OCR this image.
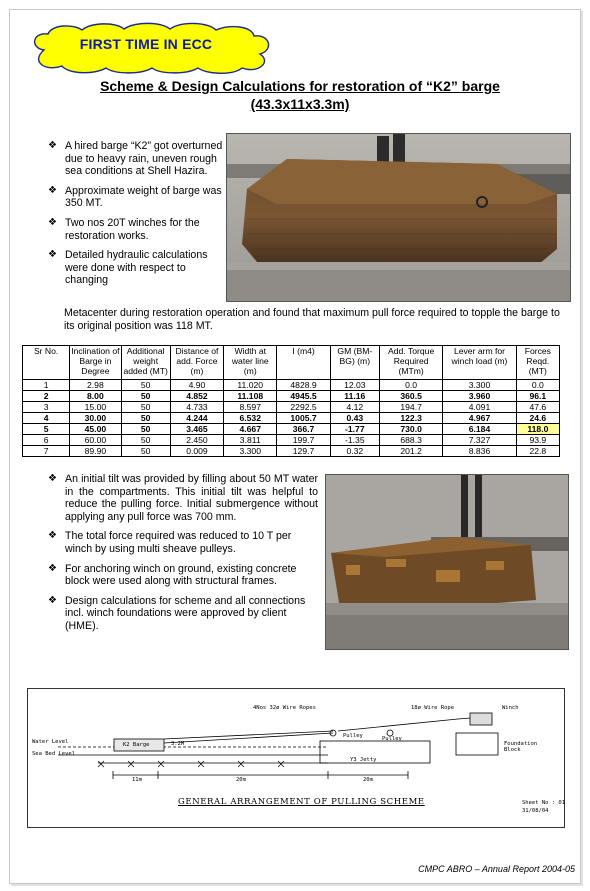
FIRST TIME IN ECC
Scheme & Design Calculations for restoration of “K2” barge
(43.3x11x3.3m)
❖ A hired barge “K2” got overturned due to heavy rain, uneven rough sea conditions at Shell Hazira.
❖ Approximate weight of barge was 350 MT.
❖ Two nos 20T winches for the restoration works.
❖ Detailed hydraulic calculations were done with respect to changing
Metacenter during restoration operation and found that maximum pull force required to topple the barge to its original position was 118 MT.
Sr No.	Inclination of Barge in Degree	Additional weight added (MT)	Distance of add. Force (m)	Width at water line (m)	I (m4)	GM (BM-BG) (m)	Add. Torque Required (MTm)	Lever arm for winch load (m)	Forces Reqd. (MT)
1	2.98	50	4.90	11.020	4828.9	12.03	0.0	3.300	0.0
2	8.00	50	4.852	11.108	4945.5	11.16	360.5	3.960	96.1
3	15.00	50	4.733	8.597	2292.5	4.12	194.7	4.091	47.6
4	30.00	50	4.244	6.532	1005.7	0.43	122.3	4.967	24.6
5	45.00	50	3.465	4.667	366.7	-1.77	730.0	6.184	118.0
6	60.00	50	2.450	3.811	199.7	-1.35	688.3	7.327	93.9
7	89.90	50	0.009	3.300	129.7	0.32	201.2	8.836	22.8
❖ An initial tilt was provided by filling about 50 MT water in the compartments. This initial tilt was helpful to reduce the pulling force. Initial submergence without applying any pull force was 700 mm.
❖ The total force required was reduced to 10 T per winch by using multi sheave pulleys.
❖ For anchoring winch on ground, existing concrete block were used along with structural frames.
❖ Design calculations for scheme and all connections incl. winch foundations were approved by client (HME).
4Nos 32ø Wire Ropes	18ø Wire Rope	Winch
Water Level
Sea Bed Level
K2 Barge	3.2M
Pulley	Pulley
Foundation Block
Y3 Jetty
11m	20m	20m
GENERAL ARRANGEMENT OF PULLING SCHEME	Sheet No : 01
31/08/04
CMPC ABRO – Annual Report 2004-05
